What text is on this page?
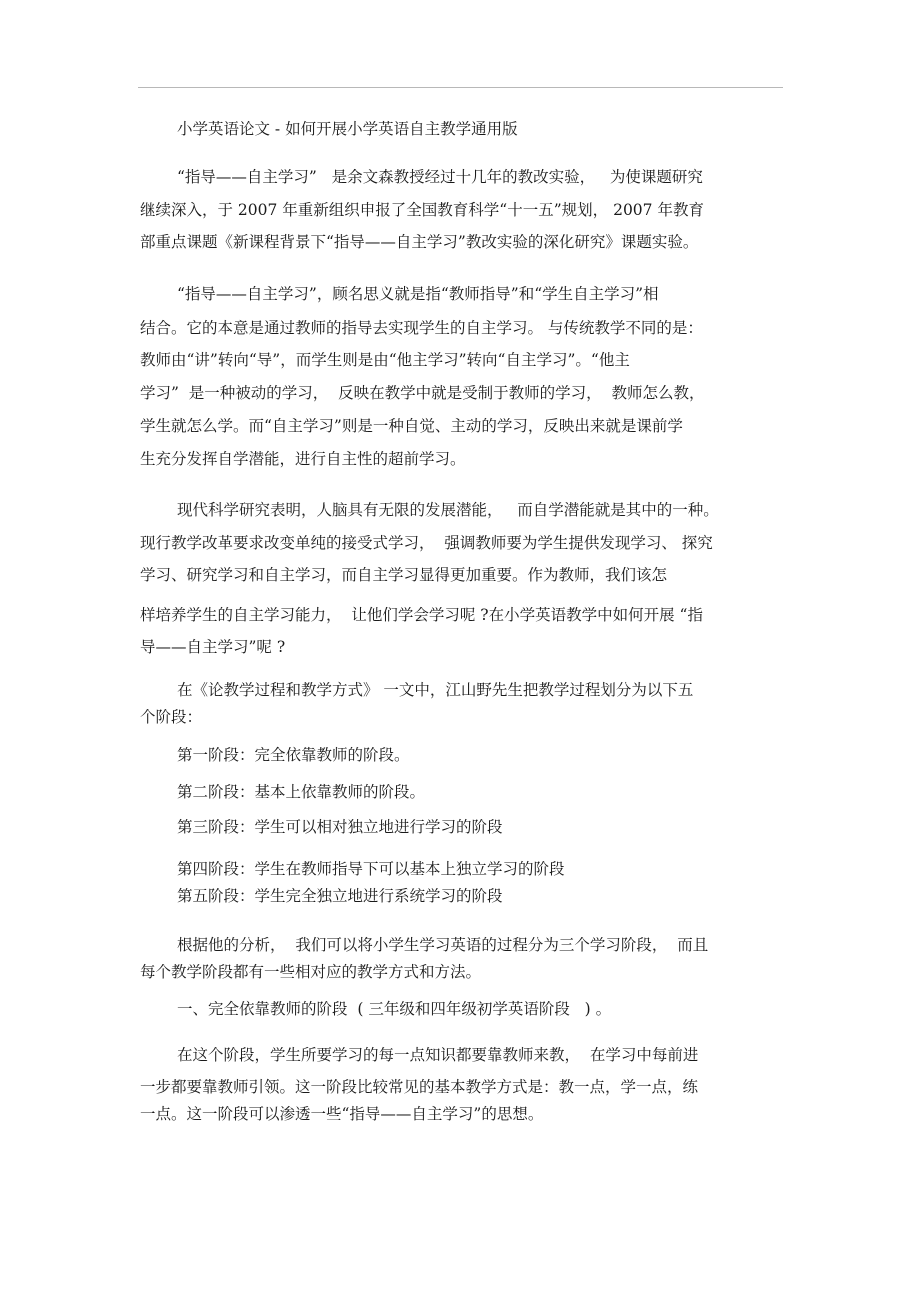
小学英语论文 - 如何开展小学英语自主教学通用版
“指导——自主学习”   是余文森教授经过十几年的教改实验，   为使课题研究
继续深入，于 2007 年重新组织申报了全国教育科学“十一五”规划， 2007 年教育
部重点课题《新课程背景下“指导——自主学习”教改实验的深化研究》课题实验。
“指导——自主学习”，顾名思义就是指“教师指导”和“学生自主学习”相
结合。它的本意是通过教师的指导去实现学生的自主学习。 与传统教学不同的是：
教师由“讲”转向“导”，而学生则是由“他主学习”转向“自主学习”。“他主
学习”  是一种被动的学习，  反映在教学中就是受制于教师的学习，  教师怎么教，
学生就怎么学。而“自主学习”则是一种自觉、主动的学习，反映出来就是课前学
生充分发挥自学潜能，进行自主性的超前学习。
现代科学研究表明，人脑具有无限的发展潜能，   而自学潜能就是其中的一种。
现行教学改革要求改变单纯的接受式学习，  强调教师要为学生提供发现学习、 探究
学习、研究学习和自主学习，而自主学习显得更加重要。作为教师，我们该怎
样培养学生的自主学习能力，  让他们学会学习呢 ?在小学英语教学中如何开展 “指
导——自主学习”呢 ?
在《论教学过程和教学方式》 一文中，江山野先生把教学过程划分为以下五
个阶段：
第一阶段：完全依靠教师的阶段。
第二阶段：基本上依靠教师的阶段。
第三阶段：学生可以相对独立地进行学习的阶段
第四阶段：学生在教师指导下可以基本上独立学习的阶段
第五阶段：学生完全独立地进行系统学习的阶段
根据他的分析，  我们可以将小学生学习英语的过程分为三个学习阶段，  而且
每个教学阶段都有一些相对应的教学方式和方法。
一、完全依靠教师的阶段  ( 三年级和四年级初学英语阶段   ) 。
在这个阶段，学生所要学习的每一点知识都要靠教师来教，  在学习中每前进
一步都要靠教师引领。这一阶段比较常见的基本教学方式是：教一点，学一点，练
一点。这一阶段可以渗透一些“指导——自主学习”的思想。
